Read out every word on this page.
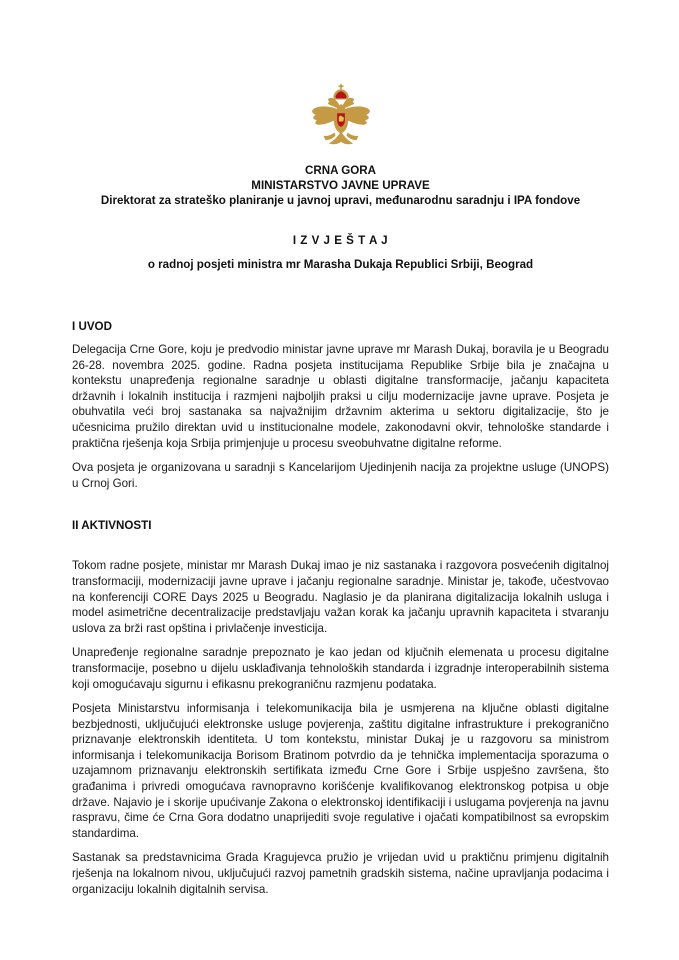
CRNA GORA
MINISTARSTVO JAVNE UPRAVE
Direktorat za strateško planiranje u javnoj upravi, međunarodnu saradnju i IPA fondove
I Z V J E Š T A J
o radnoj posjeti ministra mr Marasha Dukaja Republici Srbiji, Beograd
I UVOD

Delegacija Crne Gore, koju je predvodio ministar javne uprave mr Marash Dukaj, boravila je u Beogradu 26-28. novembra 2025. godine. Radna posjeta institucijama Republike Srbije bila je značajna u kontekstu unapređenja regionalne saradnje u oblasti digitalne transformacije, jačanju kapaciteta državnih i lokalnih institucija i razmjeni najboljih praksi u cilju modernizacije javne uprave. Posjeta je obuhvatila veći broj sastanaka sa najvažnijim državnim akterima u sektoru digitalizacije, što je učesnicima pružilo direktan uvid u institucionalne modele, zakonodavni okvir, tehnološke standarde i praktična rješenja koja Srbija primjenjuje u procesu sveobuhvatne digitalne reforme.

Ova posjeta je organizovana u saradnji s Kancelarijom Ujedinjenih nacija za projektne usluge (UNOPS) u Crnoj Gori.

II AKTIVNOSTI

Tokom radne posjete, ministar mr Marash Dukaj imao je niz sastanaka i razgovora posvećenih digitalnoj transformaciji, modernizaciji javne uprave i jačanju regionalne saradnje. Ministar je, takođe, učestvovao na konferenciji CORE Days 2025 u Beogradu. Naglasio je da planirana digitalizacija lokalnih usluga i model asimetrične decentralizacije predstavljaju važan korak ka jačanju upravnih kapaciteta i stvaranju uslova za brži rast opština i privlačenje investicija.

Unapređenje regionalne saradnje prepoznato je kao jedan od ključnih elemenata u procesu digitalne transformacije, posebno u dijelu usklađivanja tehnoloških standarda i izgradnje interoperabilnih sistema koji omogućavaju sigurnu i efikasnu prekograničnu razmjenu podataka.

Posjeta Ministarstvu informisanja i telekomunikacija bila je usmjerena na ključne oblasti digitalne bezbjednosti, uključujući elektronske usluge povjerenja, zaštitu digitalne infrastrukture i prekogranično priznavanje elektronskih identiteta. U tom kontekstu, ministar Dukaj je u razgovoru sa ministrom informisanja i telekomunikacija Borisom Bratinom potvrdio da je tehnička implementacija sporazuma o uzajamnom priznavanju elektronskih sertifikata između Crne Gore i Srbije uspješno završena, što građanima i privredi omogućava ravnopravno korišćenje kvalifikovanog elektronskog potpisa u obje države. Najavio je i skorije upućivanje Zakona o elektronskoj identifikaciji i uslugama povjerenja na javnu raspravu, čime će Crna Gora dodatno unaprijediti svoje regulative i ojačati kompatibilnost sa evropskim standardima.

Sastanak sa predstavnicima Grada Kragujevca pružio je vrijedan uvid u praktičnu primjenu digitalnih rješenja na lokalnom nivou, uključujući razvoj pametnih gradskih sistema, načine upravljanja podacima i organizaciju lokalnih digitalnih servisa.
